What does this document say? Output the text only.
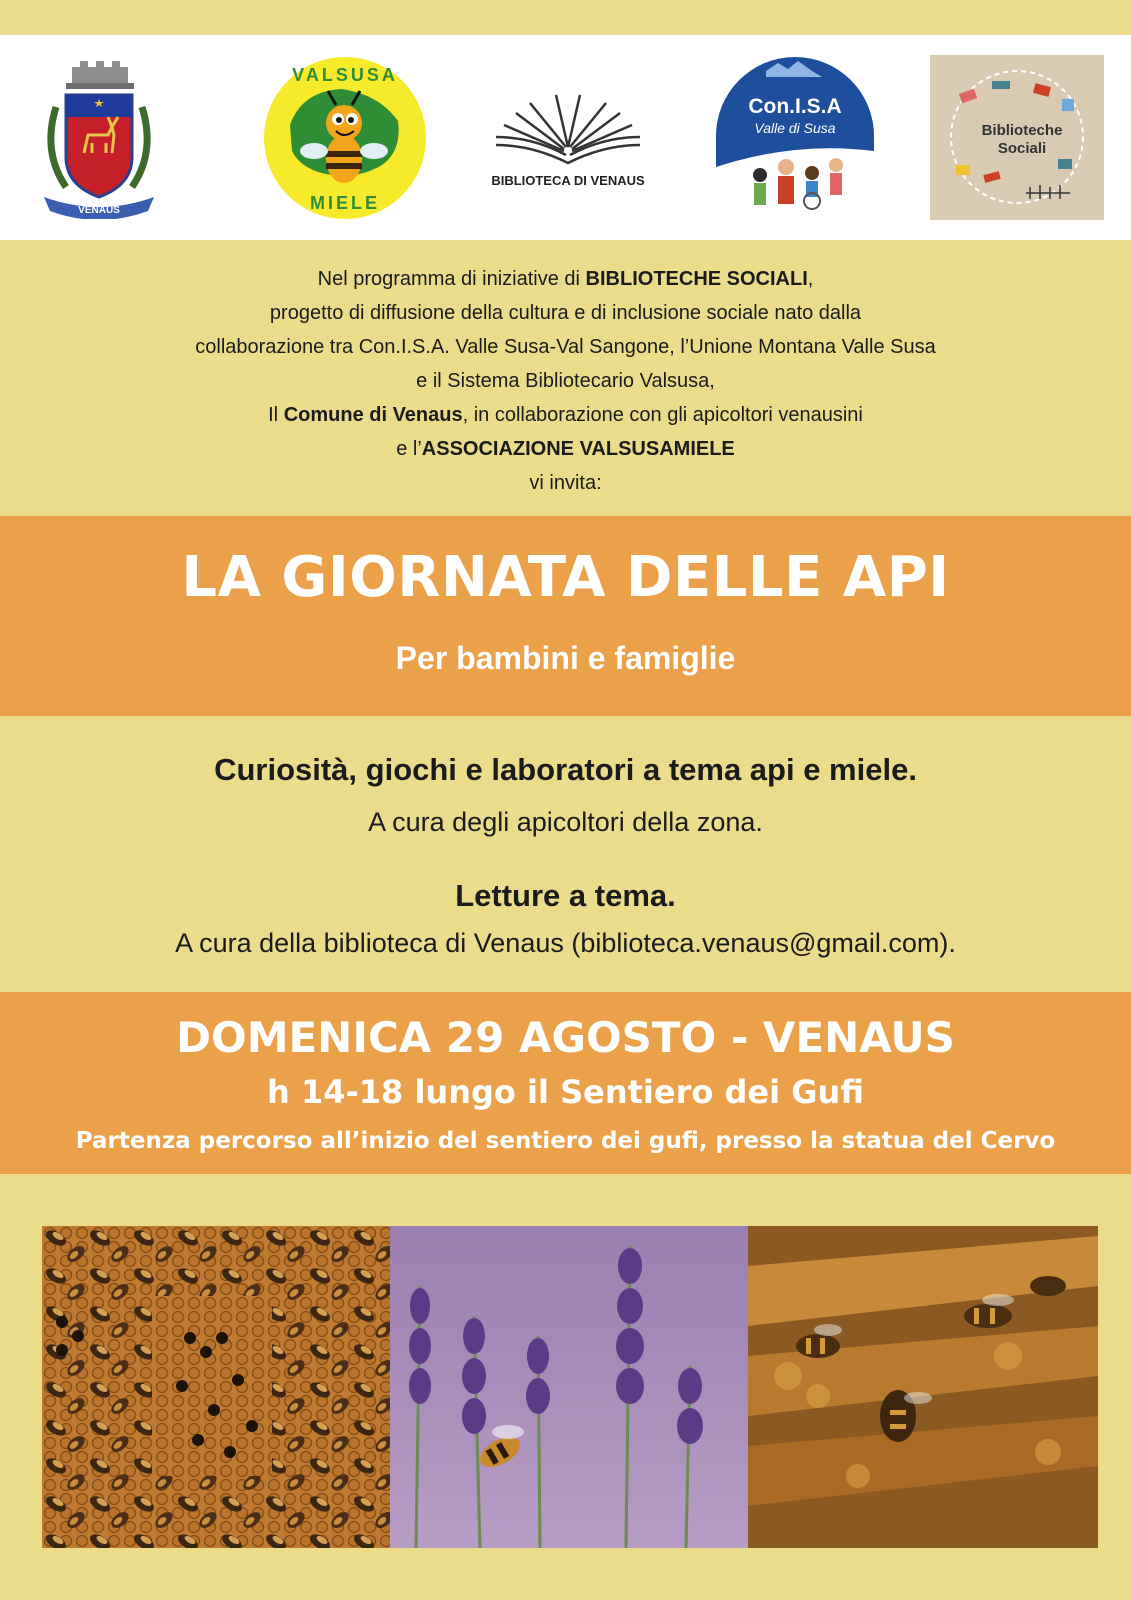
VENAUS
VALSUSA
MIELE
BIBLIOTECA DI VENAUS
Con.I.S.A
Valle di Susa	Biblioteche
Sociali
Nel programma di iniziative di BIBLIOTECHE SOCIALI,
progetto di diffusione della cultura e di inclusione sociale nato dalla
collaborazione tra Con.I.S.A. Valle Susa-Val Sangone, l’Unione Montana Valle Susa
e il Sistema Bibliotecario Valsusa,
Il Comune di Venaus, in collaborazione con gli apicoltori venausini
e l’ASSOCIAZIONE VALSUSAMIELE
vi invita:
LA GIORNATA DELLE API
Per bambini e famiglie
Curiosità, giochi e laboratori a tema api e miele.
A cura degli apicoltori della zona.
Letture a tema.
A cura della biblioteca di Venaus (biblioteca.venaus@gmail.com).
DOMENICA 29 AGOSTO - VENAUS
h 14-18 lungo il Sentiero dei Gufi
Partenza percorso all’inizio del sentiero dei gufi, presso la statua del Cervo
